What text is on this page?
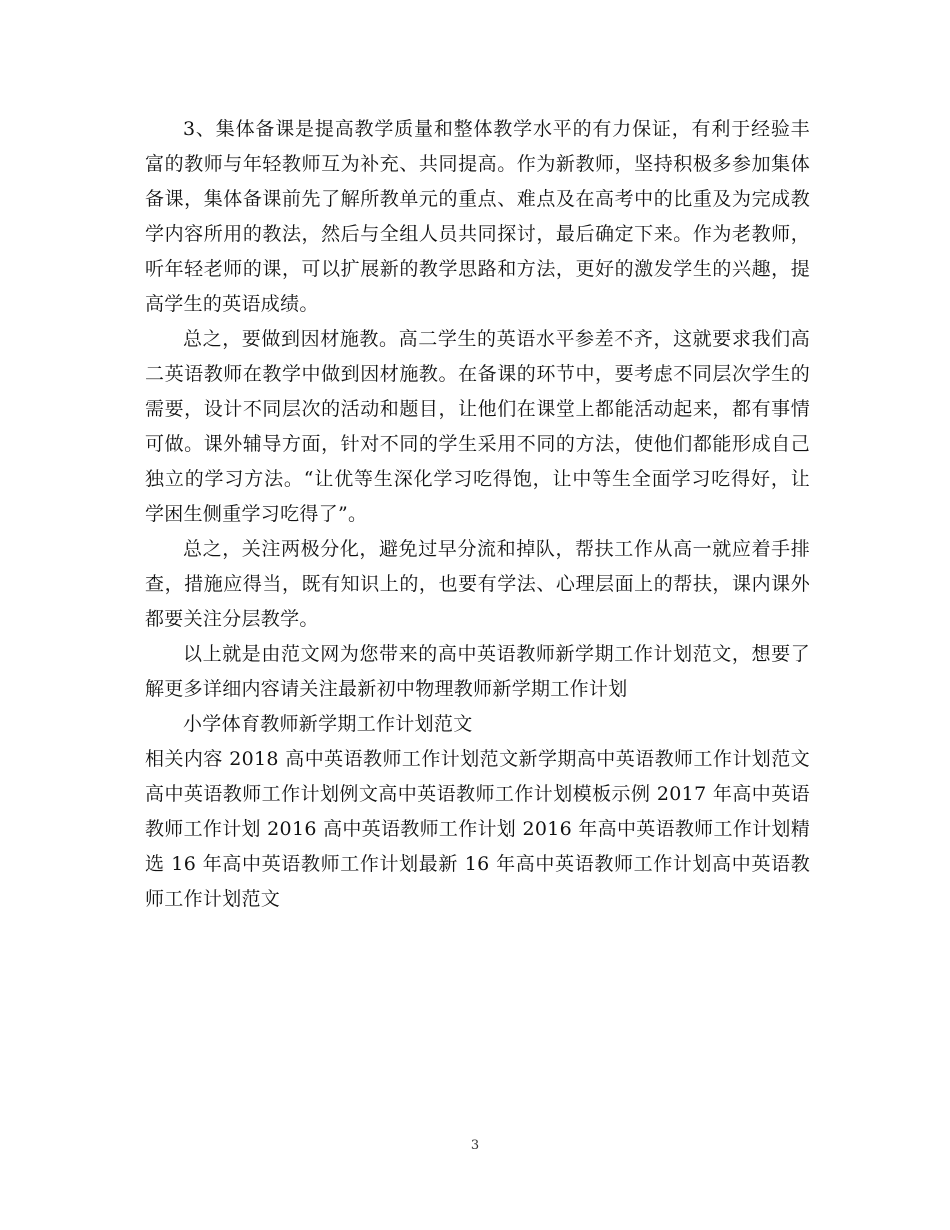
3、集体备课是提高教学质量和整体教学水平的有力保证，有利于经验丰富的教师与年轻教师互为补充、共同提高。作为新教师，坚持积极多参加集体备课，集体备课前先了解所教单元的重点、难点及在高考中的比重及为完成教学内容所用的教法，然后与全组人员共同探讨，最后确定下来。作为老教师，听年轻老师的课，可以扩展新的教学思路和方法，更好的激发学生的兴趣，提高学生的英语成绩。

总之，要做到因材施教。高二学生的英语水平参差不齐，这就要求我们高二英语教师在教学中做到因材施教。在备课的环节中，要考虑不同层次学生的需要，设计不同层次的活动和题目，让他们在课堂上都能活动起来，都有事情可做。课外辅导方面，针对不同的学生采用不同的方法，使他们都能形成自己独立的学习方法。“让优等生深化学习吃得饱，让中等生全面学习吃得好，让学困生侧重学习吃得了”。

总之，关注两极分化，避免过早分流和掉队，帮扶工作从高一就应着手排查，措施应得当，既有知识上的，也要有学法、心理层面上的帮扶，课内课外都要关注分层教学。

以上就是由范文网为您带来的高中英语教师新学期工作计划范文，想要了解更多详细内容请关注最新初中物理教师新学期工作计划

小学体育教师新学期工作计划范文

相关内容 2018 高中英语教师工作计划范文新学期高中英语教师工作计划范文高中英语教师工作计划例文高中英语教师工作计划模板示例 2017 年高中英语教师工作计划 2016 高中英语教师工作计划 2016 年高中英语教师工作计划精选 16 年高中英语教师工作计划最新 16 年高中英语教师工作计划高中英语教师工作计划范文

3
